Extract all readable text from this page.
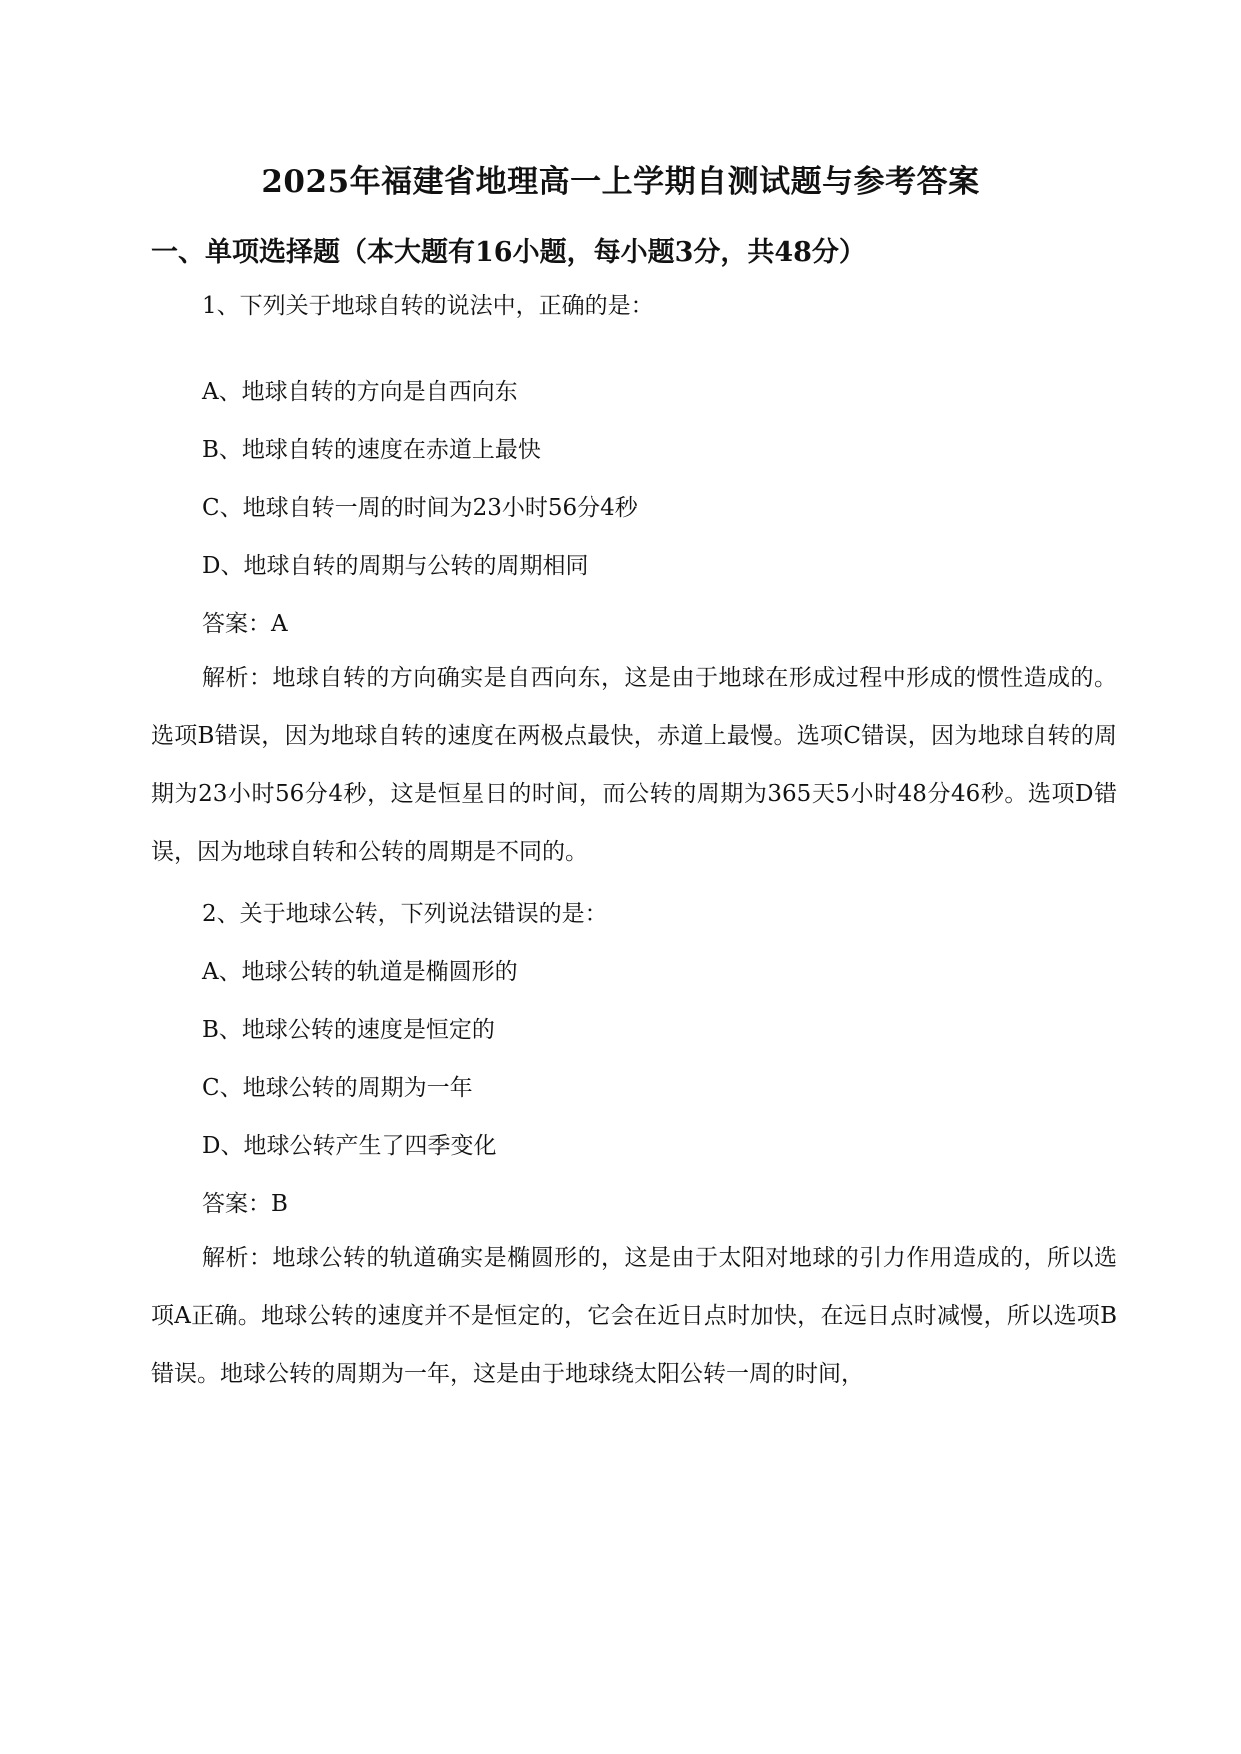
2025年福建省地理高一上学期自测试题与参考答案
一、单项选择题（本大题有16小题，每小题3分，共48分）

1、下列关于地球自转的说法中，正确的是：

A、地球自转的方向是自西向东

B、地球自转的速度在赤道上最快

C、地球自转一周的时间为23小时56分4秒

D、地球自转的周期与公转的周期相同

答案：A

解析：地球自转的方向确实是自西向东，这是由于地球在形成过程中形成的惯性造成的。选项B错误，因为地球自转的速度在两极点最快，赤道上最慢。选项C错误，因为地球自转的周期为23小时56分4秒，这是恒星日的时间，而公转的周期为365天5小时48分46秒。选项D错误，因为地球自转和公转的周期是不同的。

2、关于地球公转，下列说法错误的是：

A、地球公转的轨道是椭圆形的

B、地球公转的速度是恒定的

C、地球公转的周期为一年

D、地球公转产生了四季变化

答案：B

解析：地球公转的轨道确实是椭圆形的，这是由于太阳对地球的引力作用造成的，所以选项A正确。地球公转的速度并不是恒定的，它会在近日点时加快，在远日点时减慢，所以选项B错误。地球公转的周期为一年，这是由于地球绕太阳公转一周的时间，
